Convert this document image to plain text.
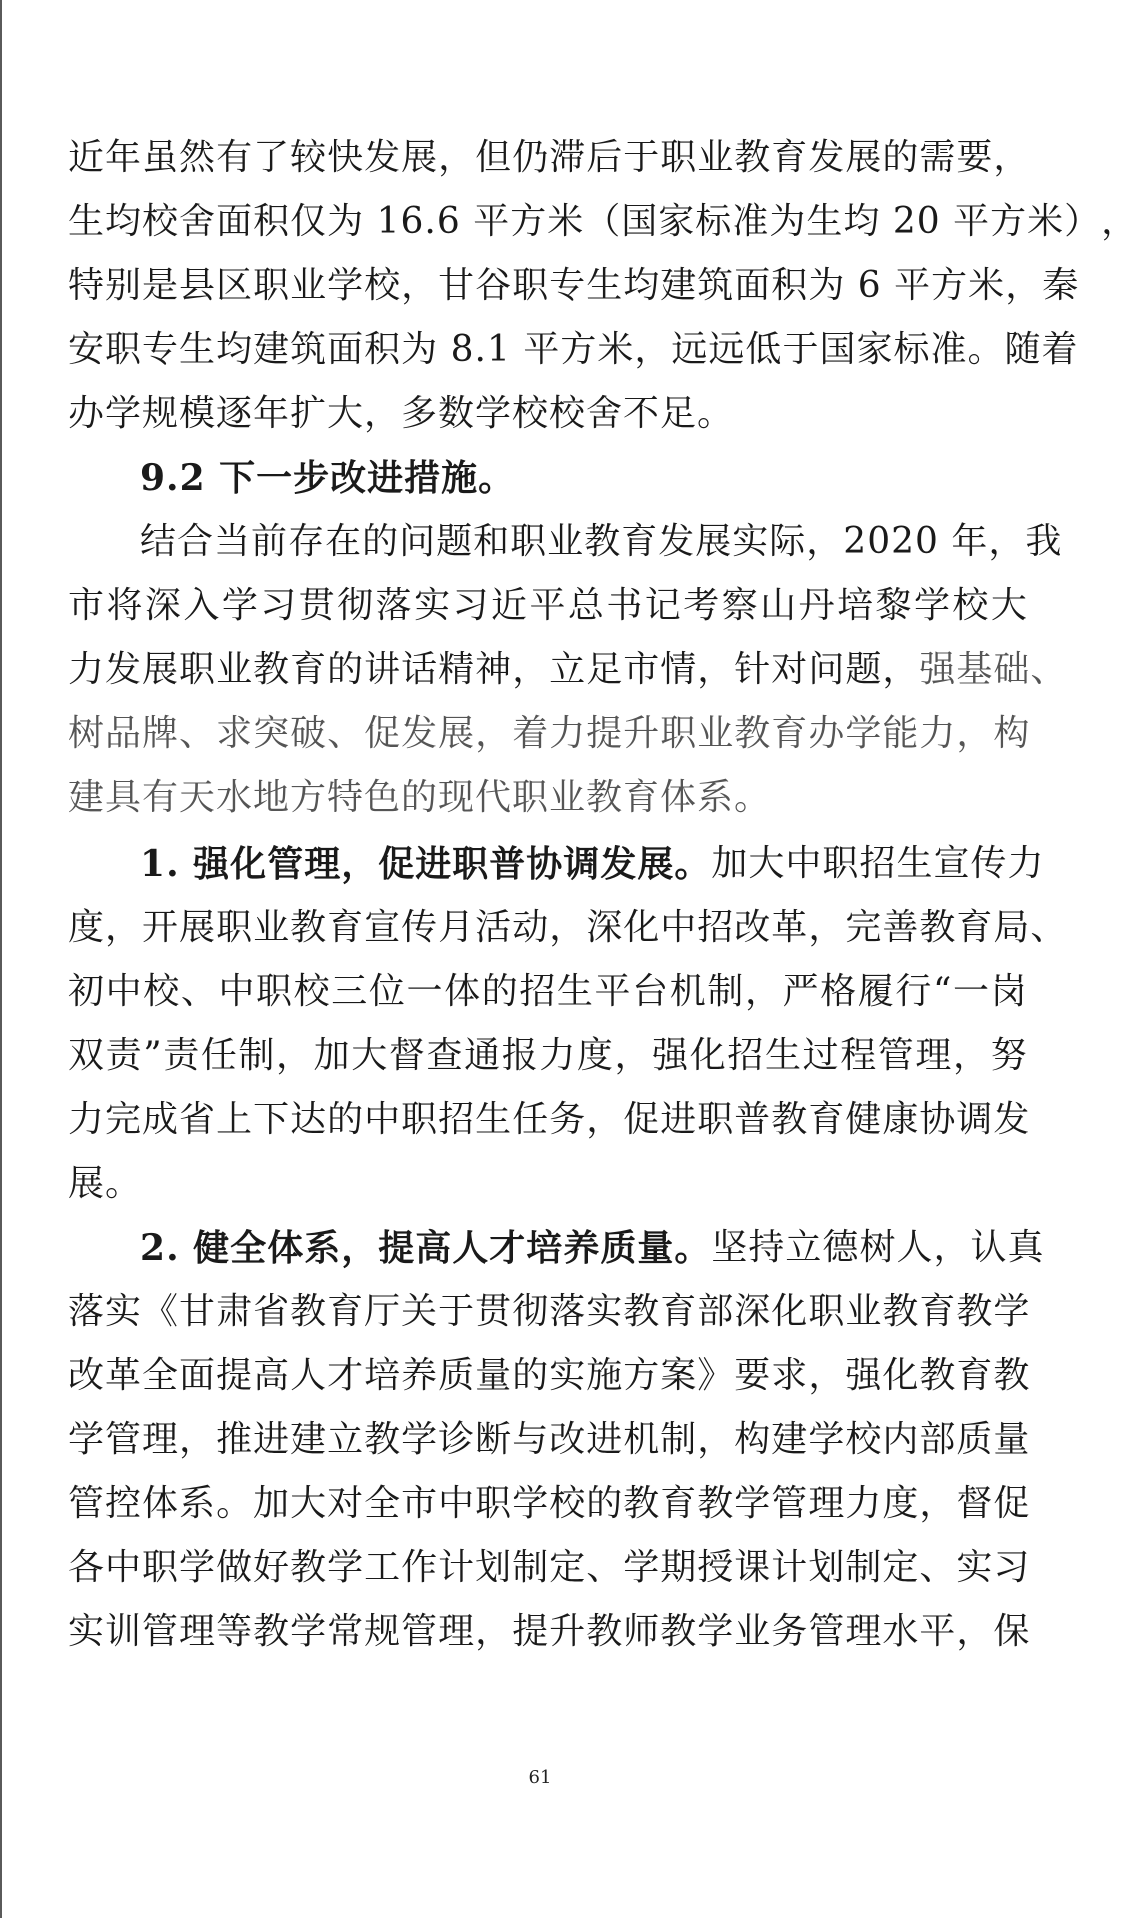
近 年 虽 然 有 了 较 快 发 展 ， 但 仍 滞 后 于 职 业 教 育 发 展 的 需 要 ，
生 均 校 舍 面 积 仅 为
1 6 . 6
平 方 米 （ 国 家 标 准 为 生 均
2 0
平 方 米 ） ，
特 别 是 县 区 职 业 学 校 ， 甘 谷 职 专 生 均 建 筑 面 积 为
6
平 方 米 ， 秦
安 职 专 生 均 建 筑 面 积 为
8 . 1
平 方 米 ， 远 远 低 于 国 家 标 准 。 随 着
办学规模逐年扩大，多数学校校舍不足。
9.2 下一步改进措施。
结 合 当 前 存 在 的 问 题 和 职 业 教 育 发 展 实 际 ， 2 0 2 0
年 ， 我
市 将 深 入 学 习 贯 彻 落 实 习 近 平 总 书 记 考 察 山 丹 培 黎 学 校 大
力 发 展 职 业 教 育 的 讲 话 精 神 ， 立 足 市 情 ， 针 对 问 题 ， 强 基 础 、
树 品 牌 、 求 突 破 、 促 发 展 ， 着 力 提 升 职 业 教 育 办 学 能 力 ， 构
建具有天水地方特色的现代职业教育体系。
1 .
强 化 管 理 ， 促 进 职 普 协 调 发 展 。 加 大 中 职 招 生 宣 传 力
度 ， 开 展 职 业 教 育 宣 传 月 活 动 ， 深 化 中 招 改 革 ， 完 善 教 育 局 、
初 中 校 、 中 职 校 三 位 一 体 的 招 生 平 台 机 制 ， 严 格 履 行 “ 一 岗
双 责 ” 责 任 制 ， 加 大 督 查 通 报 力 度 ， 强 化 招 生 过 程 管 理 ， 努
力 完 成 省 上 下 达 的 中 职 招 生 任 务 ， 促 进 职 普 教 育 健 康 协 调 发
展。
2 .
健 全 体 系 ， 提 高 人 才 培 养 质 量 。 坚 持 立 德 树 人 ， 认 真
落 实 《 甘 肃 省 教 育 厅 关 于 贯 彻 落 实 教 育 部 深 化 职 业 教 育 教 学
改 革 全 面 提 高 人 才 培 养 质 量 的 实 施 方 案 》 要 求 ， 强 化 教 育 教
学 管 理 ， 推 进 建 立 教 学 诊 断 与 改 进 机 制 ， 构 建 学 校 内 部 质 量
管 控 体 系 。 加 大 对 全 市 中 职 学 校 的 教 育 教 学 管 理 力 度 ， 督 促
各 中 职 学 做 好 教 学 工 作 计 划 制 定 、 学 期 授 课 计 划 制 定 、 实 习
实 训 管 理 等 教 学 常 规 管 理 ， 提 升 教 师 教 学 业 务 管 理 水 平 ， 保
61
